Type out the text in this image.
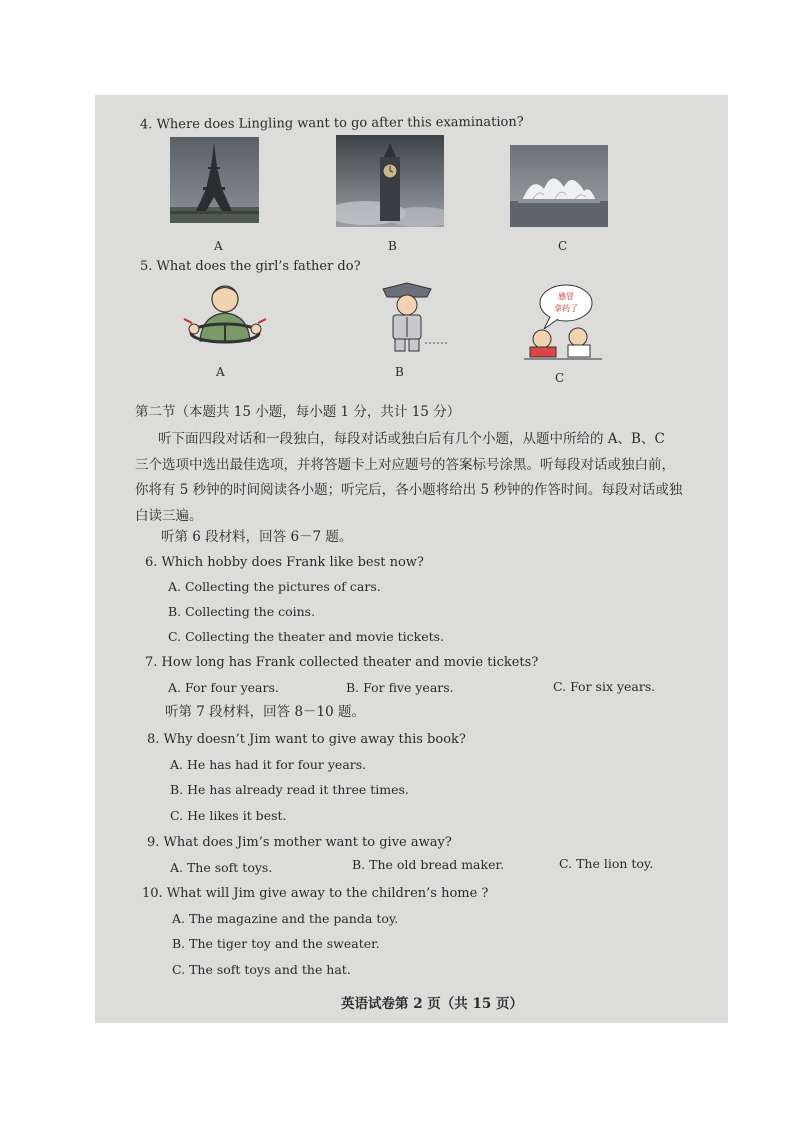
4. Where does Lingling want to go after this examination?
A	B	C
5. What does the girl’s father do?
感冒
拿药了
A	B	C
第二节（本题共 15 小题，每小题 1 分，共计 15 分）
听下面四段对话和一段独白，每段对话或独白后有几个小题，从题中所给的 A、B、C
三个选项中选出最佳选项，并将答题卡上对应题号的答案标号涂黑。听每段对话或独白前，
你将有 5 秒钟的时间阅读各小题；听完后，各小题将给出 5 秒钟的作答时间。每段对话或独
白读三遍。
听第 6 段材料，回答 6－7 题。
6. Which hobby does Frank like best now?
A. Collecting the pictures of cars.
B. Collecting the coins.
C. Collecting the theater and movie tickets.
7. How long has Frank collected theater and movie tickets?
A. For four years.	B. For five years.	C. For six years.
听第 7 段材料，回答 8－10 题。
8. Why doesn’t Jim want to give away this book?
A. He has had it for four years.
B. He has already read it three times.
C. He likes it best.
9. What does Jim’s mother want to give away?
A. The soft toys.	B. The old bread maker.	C. The lion toy.
10. What will Jim give away to the children’s home ?
A. The magazine and the panda toy.
B. The tiger toy and the sweater.
C. The soft toys and the hat.
英语试卷第 2 页（共 15 页）
